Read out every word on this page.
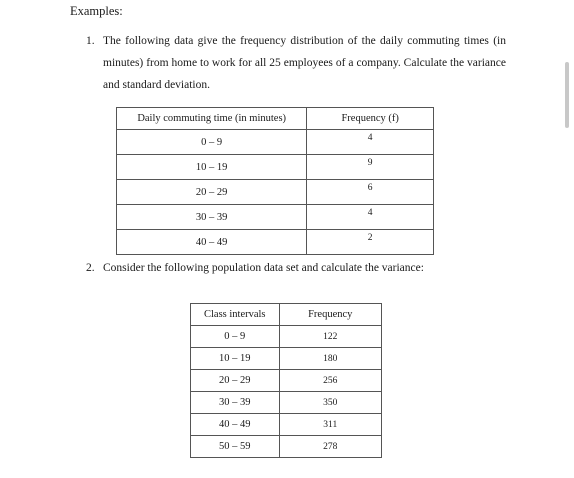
Examples:
1. The following data give the frequency distribution of the daily commuting times (in minutes) from home to work for all 25 employees of a company. Calculate the variance and standard deviation.
Daily commuting time (in minutes)	Frequency (f)
0 – 9	4
10 – 19	9
20 – 29	6
30 – 39	4
40 – 49	2
2. Consider the following population data set and calculate the variance:
Class intervals	Frequency
0 – 9	122
10 – 19	180
20 – 29	256
30 – 39	350
40 – 49	311
50 – 59	278
